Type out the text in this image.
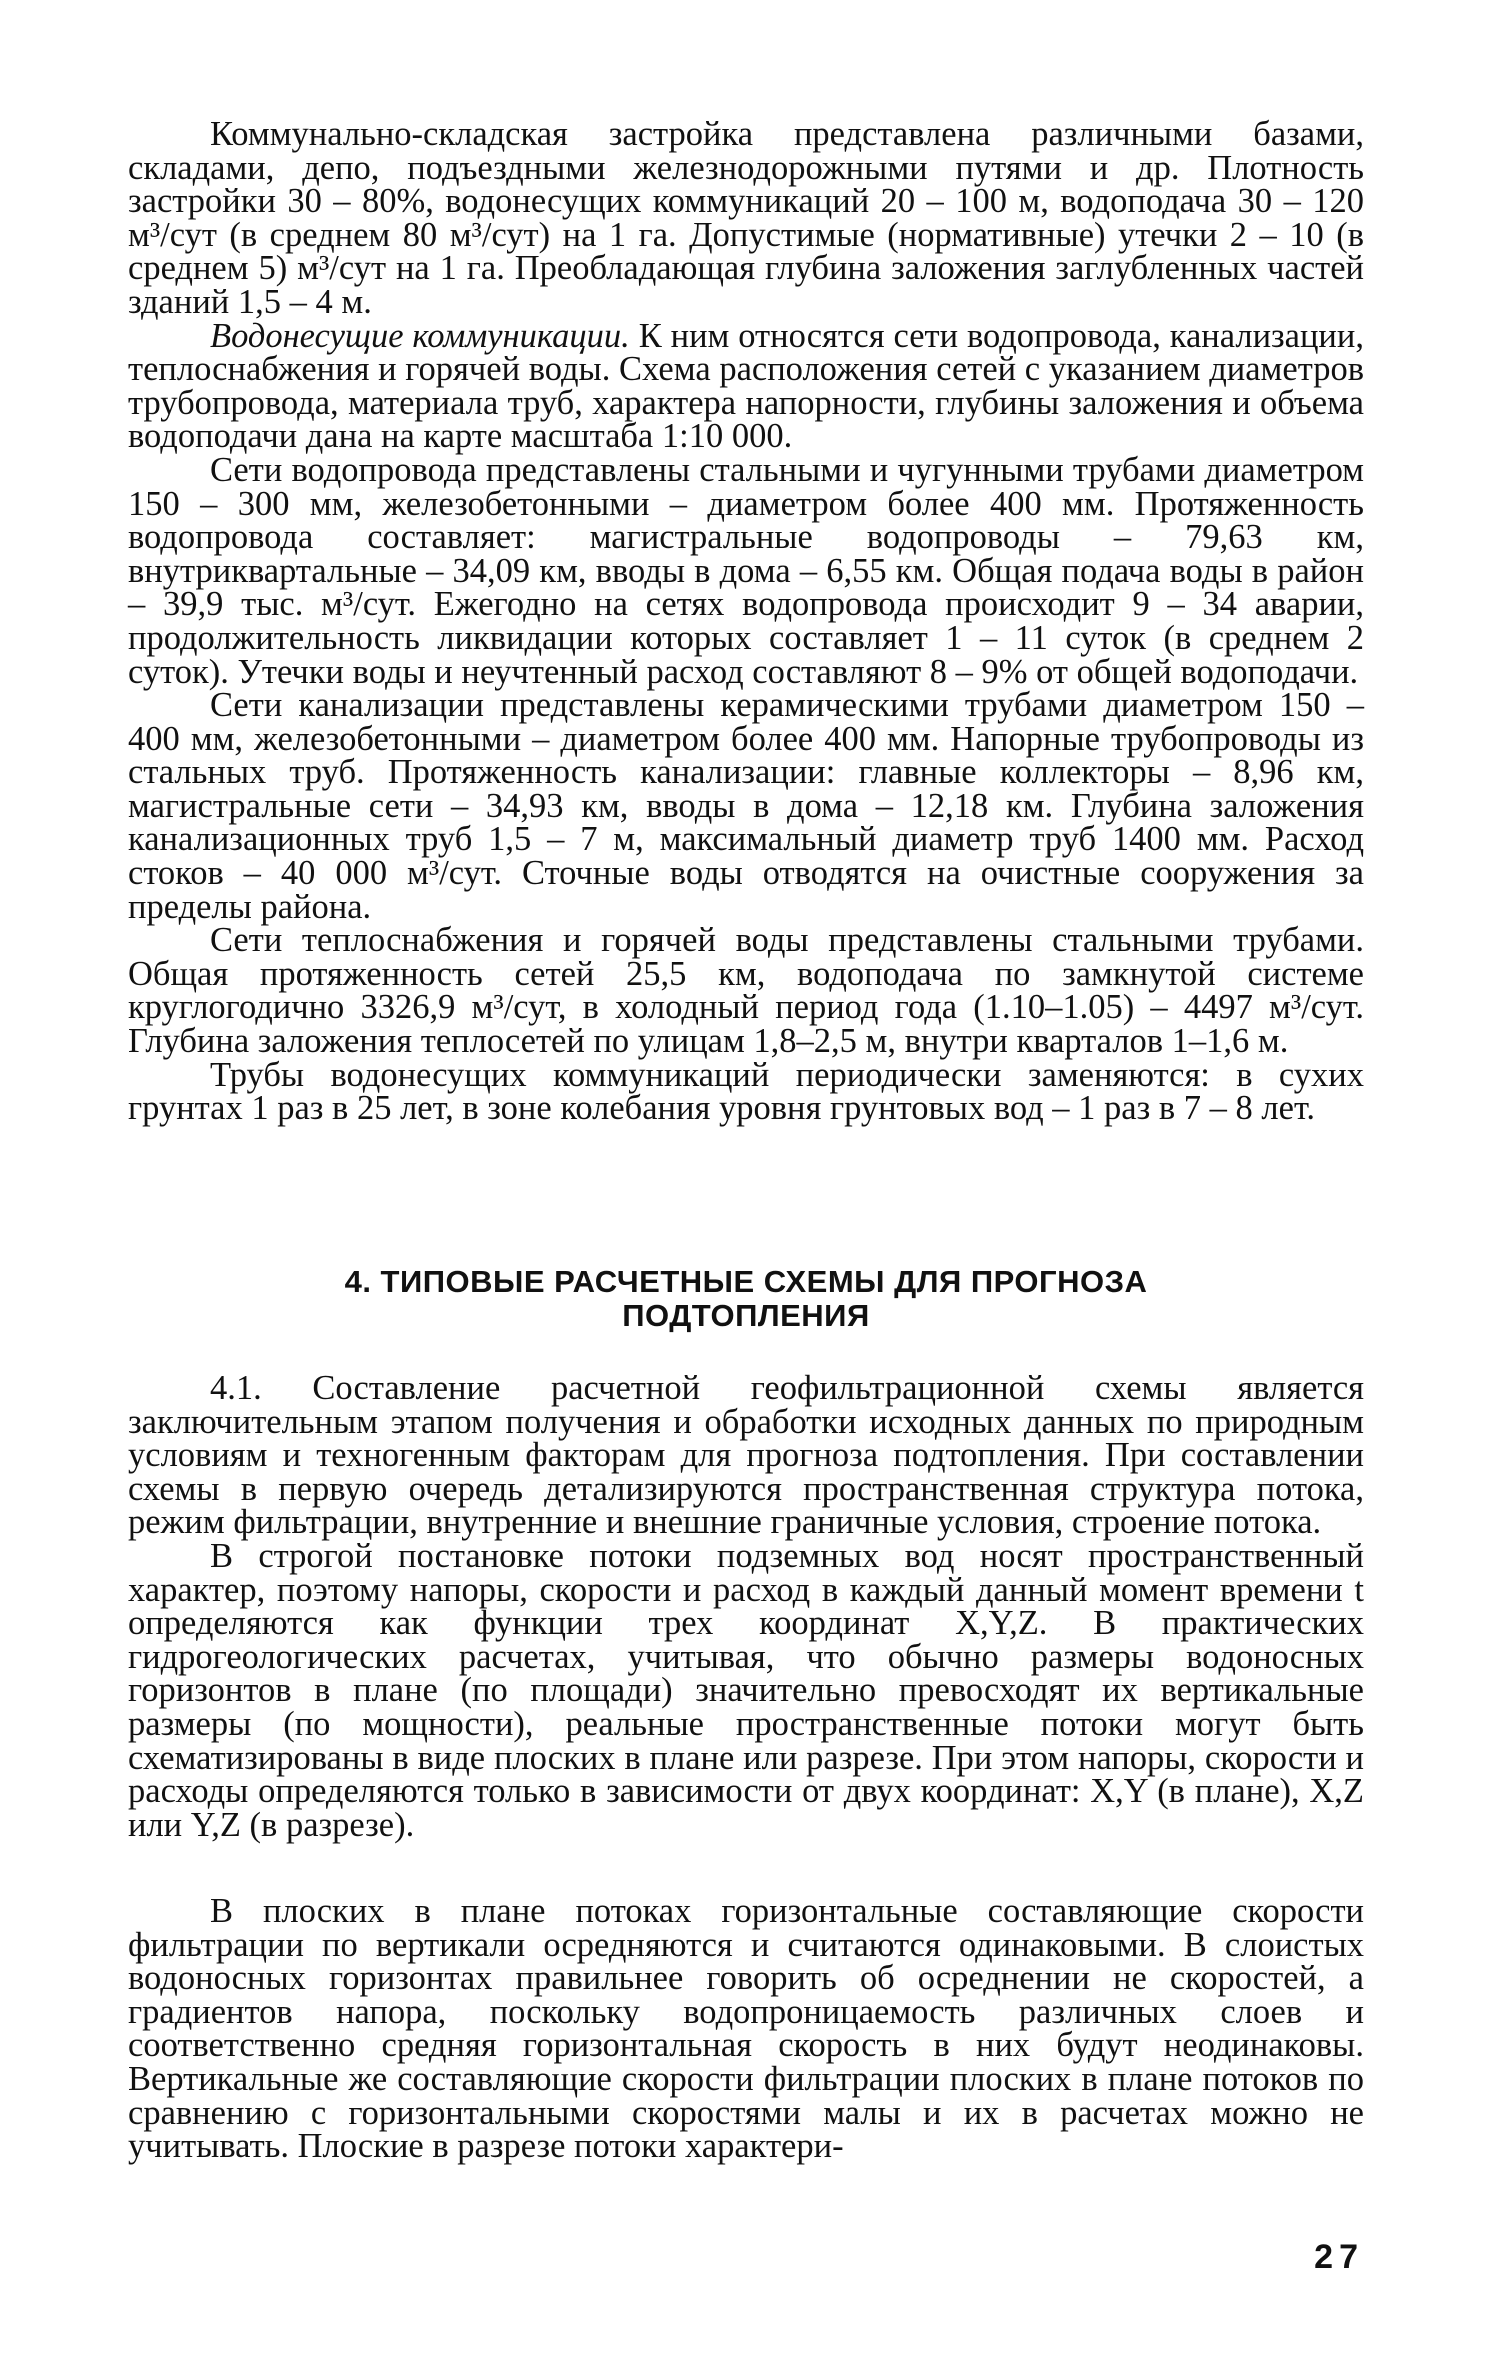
Коммунально-складская застройка представлена различными базами, складами, депо, подъездными железнодорожными путями и др. Плотность застройки 30 – 80%, водонесущих коммуникаций 20 – 100 м, водоподача 30 – 120 м³/сут (в среднем 80 м³/сут) на 1 га. Допустимые (нормативные) утечки 2 – 10 (в среднем 5) м³/сут на 1 га. Преобладающая глубина заложения заглубленных частей зданий 1,5 – 4 м.

Водонесущие коммуникации. К ним относятся сети водопровода, канализации, теплоснабжения и горячей воды. Схема расположения сетей с указанием диаметров трубопровода, материала труб, характера напорности, глубины заложения и объема водоподачи дана на карте масштаба 1:10 000.

Сети водопровода представлены стальными и чугунными трубами диаметром 150 – 300 мм, железобетонными – диаметром более 400 мм. Протяженность водопровода составляет: магистральные водопроводы – 79,63 км, внутриквартальные – 34,09 км, вводы в дома – 6,55 км. Общая подача воды в район – 39,9 тыс. м³/сут. Ежегодно на сетях водопровода происходит 9 – 34 аварии, продолжительность ликвидации которых составляет 1 – 11 суток (в среднем 2 суток). Утечки воды и неучтенный расход составляют 8 – 9% от общей водоподачи.

Сети канализации представлены керамическими трубами диаметром 150 – 400 мм, железобетонными – диаметром более 400 мм. Напорные трубопроводы из стальных труб. Протяженность канализации: главные коллекторы – 8,96 км, магистральные сети – 34,93 км, вводы в дома – 12,18 км. Глубина заложения канализационных труб 1,5 – 7 м, максимальный диаметр труб 1400 мм. Расход стоков – 40 000 м³/сут. Сточные воды отводятся на очистные сооружения за пределы района.

Сети теплоснабжения и горячей воды представлены стальными трубами. Общая протяженность сетей 25,5 км, водоподача по замкнутой системе круглогодично 3326,9 м³/сут, в холодный период года (1.10–1.05) – 4497 м³/сут. Глубина заложения теплосетей по улицам 1,8–2,5 м, внутри кварталов 1–1,6 м.

Трубы водонесущих коммуникаций периодически заменяются: в сухих грунтах 1 раз в 25 лет, в зоне колебания уровня грунтовых вод – 1 раз в 7 – 8 лет.

4. ТИПОВЫЕ РАСЧЕТНЫЕ СХЕМЫ ДЛЯ ПРОГНОЗА
ПОДТОПЛЕНИЯ

4.1. Составление расчетной геофильтрационной схемы является заключительным этапом получения и обработки исходных данных по природным условиям и техногенным факторам для прогноза подтопления. При составлении схемы в первую очередь детализируются пространственная структура потока, режим фильтрации, внутренние и внешние граничные условия, строение потока.

В строгой постановке потоки подземных вод носят пространственный характер, поэтому напоры, скорости и расход в каждый данный момент времени t определяются как функции трех координат X,Y,Z. В практических гидрогеологических расчетах, учитывая, что обычно размеры водоносных горизонтов в плане (по площади) значительно превосходят их вертикальные размеры (по мощности), реальные пространственные потоки могут быть схематизированы в виде плоских в плане или разрезе. При этом напоры, скорости и расходы определяются только в зависимости от двух координат: X,Y (в плане), X,Z или Y,Z (в разрезе).

В плоских в плане потоках горизонтальные составляющие скорости фильтрации по вертикали осредняются и считаются одинаковыми. В слоистых водоносных горизонтах правильнее говорить об осреднении не скоростей, а градиентов напора, поскольку водопроницаемость различных слоев и соответственно средняя горизонтальная скорость в них будут неодинаковы. Вертикальные же составляющие скорости фильтрации плоских в плане потоков по сравнению с горизонтальными скоростями малы и их в расчетах можно не учитывать. Плоские в разрезе потоки характери-

27
